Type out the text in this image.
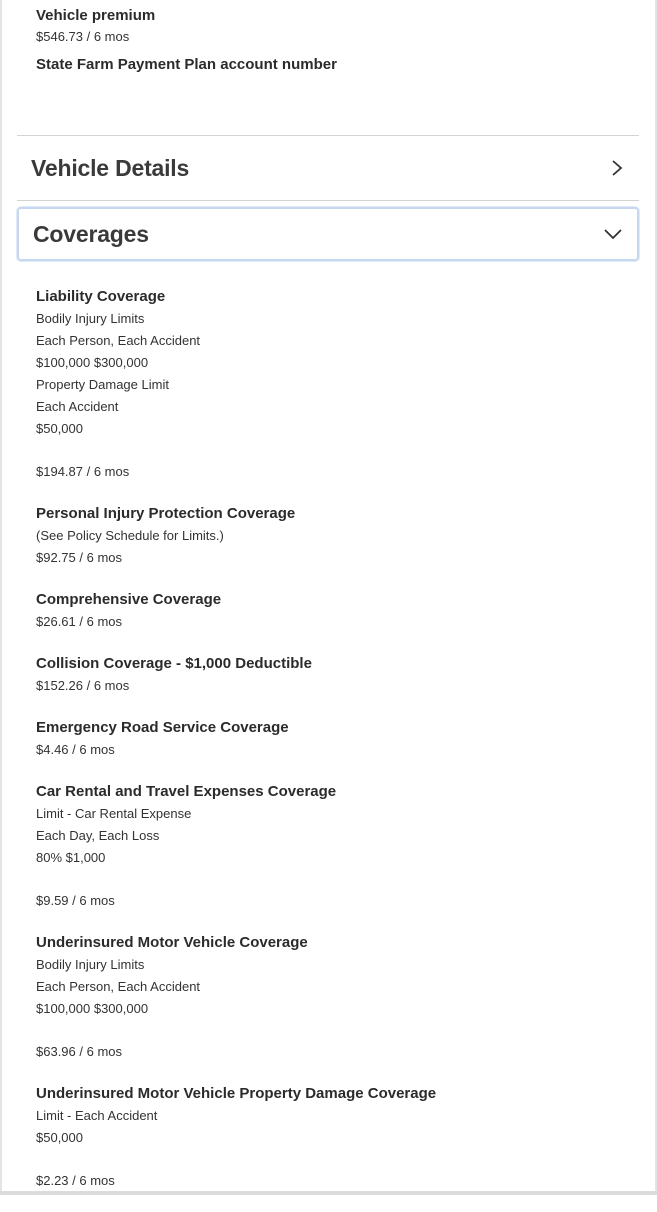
Vehicle premium
$546.73 / 6 mos
State Farm Payment Plan account number
Vehicle Details
Coverages
Liability Coverage
Bodily Injury Limits
Each Person, Each Accident
$100,000 $300,000
Property Damage Limit
Each Accident
$50,000
$194.87 / 6 mos
Personal Injury Protection Coverage
(See Policy Schedule for Limits.)
$92.75 / 6 mos
Comprehensive Coverage
$26.61 / 6 mos
Collision Coverage - $1,000 Deductible
$152.26 / 6 mos
Emergency Road Service Coverage
$4.46 / 6 mos
Car Rental and Travel Expenses Coverage
Limit - Car Rental Expense
Each Day, Each Loss
80% $1,000
$9.59 / 6 mos
Underinsured Motor Vehicle Coverage
Bodily Injury Limits
Each Person, Each Accident
$100,000 $300,000
$63.96 / 6 mos
Underinsured Motor Vehicle Property Damage Coverage
Limit - Each Accident
$50,000
$2.23 / 6 mos
